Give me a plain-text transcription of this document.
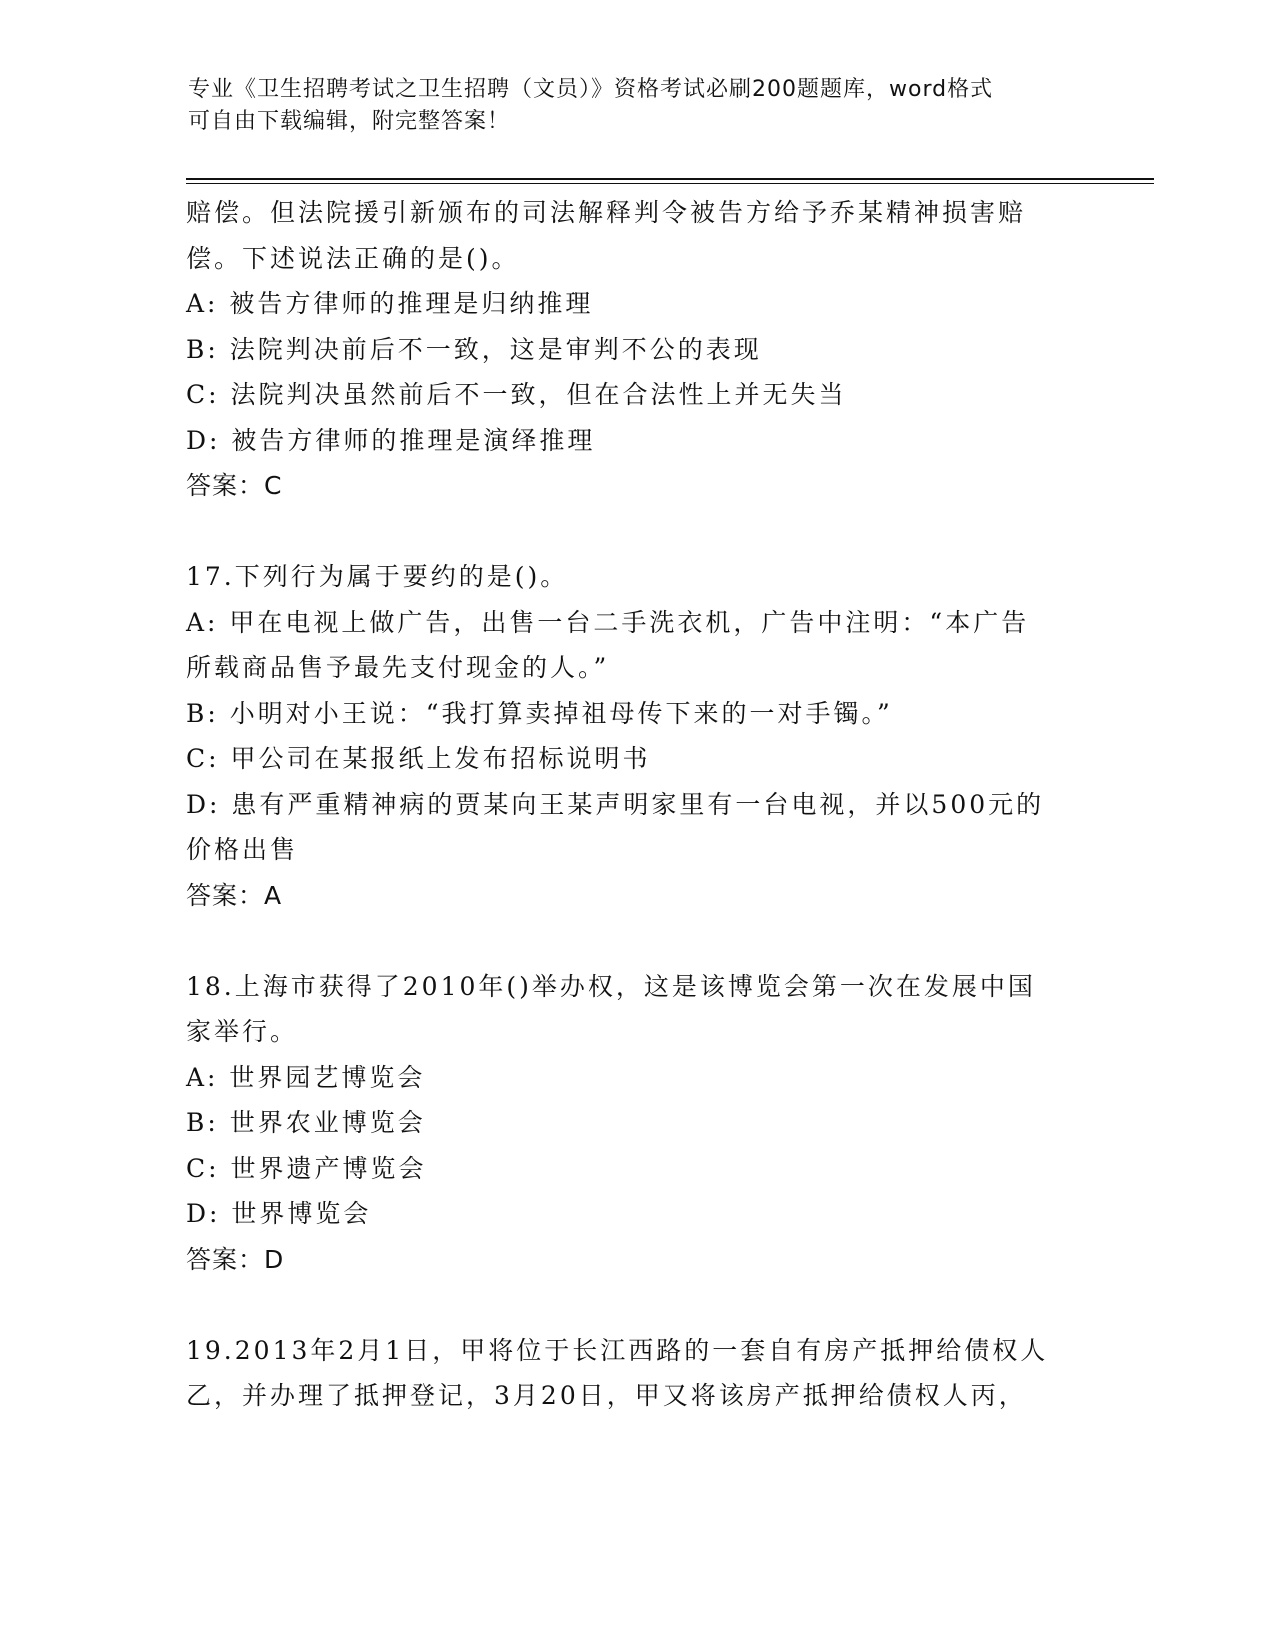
专业《卫生招聘考试之卫生招聘（文员）》资格考试必刷200题题库，word格式
可自由下载编辑，附完整答案！
赔偿。但法院援引新颁布的司法解释判令被告方给予乔某精神损害赔
偿。下述说法正确的是()。
A: 被告方律师的推理是归纳推理
B: 法院判决前后不一致，这是审判不公的表现
C: 法院判决虽然前后不一致，但在合法性上并无失当
D: 被告方律师的推理是演绎推理
答案：C
17.下列行为属于要约的是()。
A: 甲在电视上做广告，出售一台二手洗衣机，广告中注明：“本广告
所载商品售予最先支付现金的人。”
B: 小明对小王说：“我打算卖掉祖母传下来的一对手镯。”
C: 甲公司在某报纸上发布招标说明书
D: 患有严重精神病的贾某向王某声明家里有一台电视，并以500元的
价格出售
答案：A
18.上海市获得了2010年()举办权，这是该博览会第一次在发展中国
家举行。
A: 世界园艺博览会
B: 世界农业博览会
C: 世界遗产博览会
D: 世界博览会
答案：D
19.2013年2月1日，甲将位于长江西路的一套自有房产抵押给债权人
乙，并办理了抵押登记，3月20日，甲又将该房产抵押给债权人丙，
